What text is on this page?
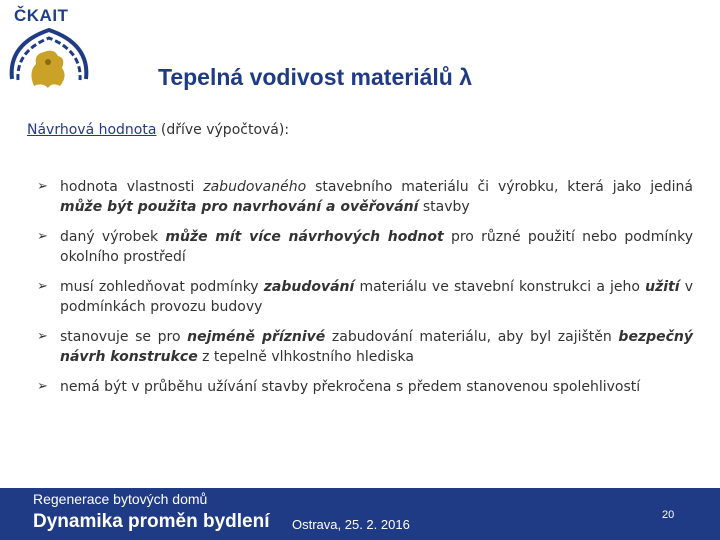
ČKAIT
Tepelná vodivost materiálů λ
Návrhová hodnota (dříve výpočtová):
➢ hodnota vlastnosti zabudovaného stavebního materiálu či výrobku, která jako jediná může být použita pro navrhování a ověřování stavby
➢ daný výrobek může mít více návrhových hodnot pro různé použití nebo podmínky okolního prostředí
➢ musí zohledňovat podmínky zabudování materiálu ve stavební konstrukci a jeho užití v podmínkách provozu budovy
➢ stanovuje se pro nejméně příznivé zabudování materiálu, aby byl zajištěn bezpečný návrh konstrukce z tepelně vlhkostního hlediska
➢ nemá být v průběhu užívání stavby překročena s předem stanovenou spolehlivostí
Regenerace bytových domů
Dynamika proměn bydlení Ostrava, 25. 2. 2016
20
